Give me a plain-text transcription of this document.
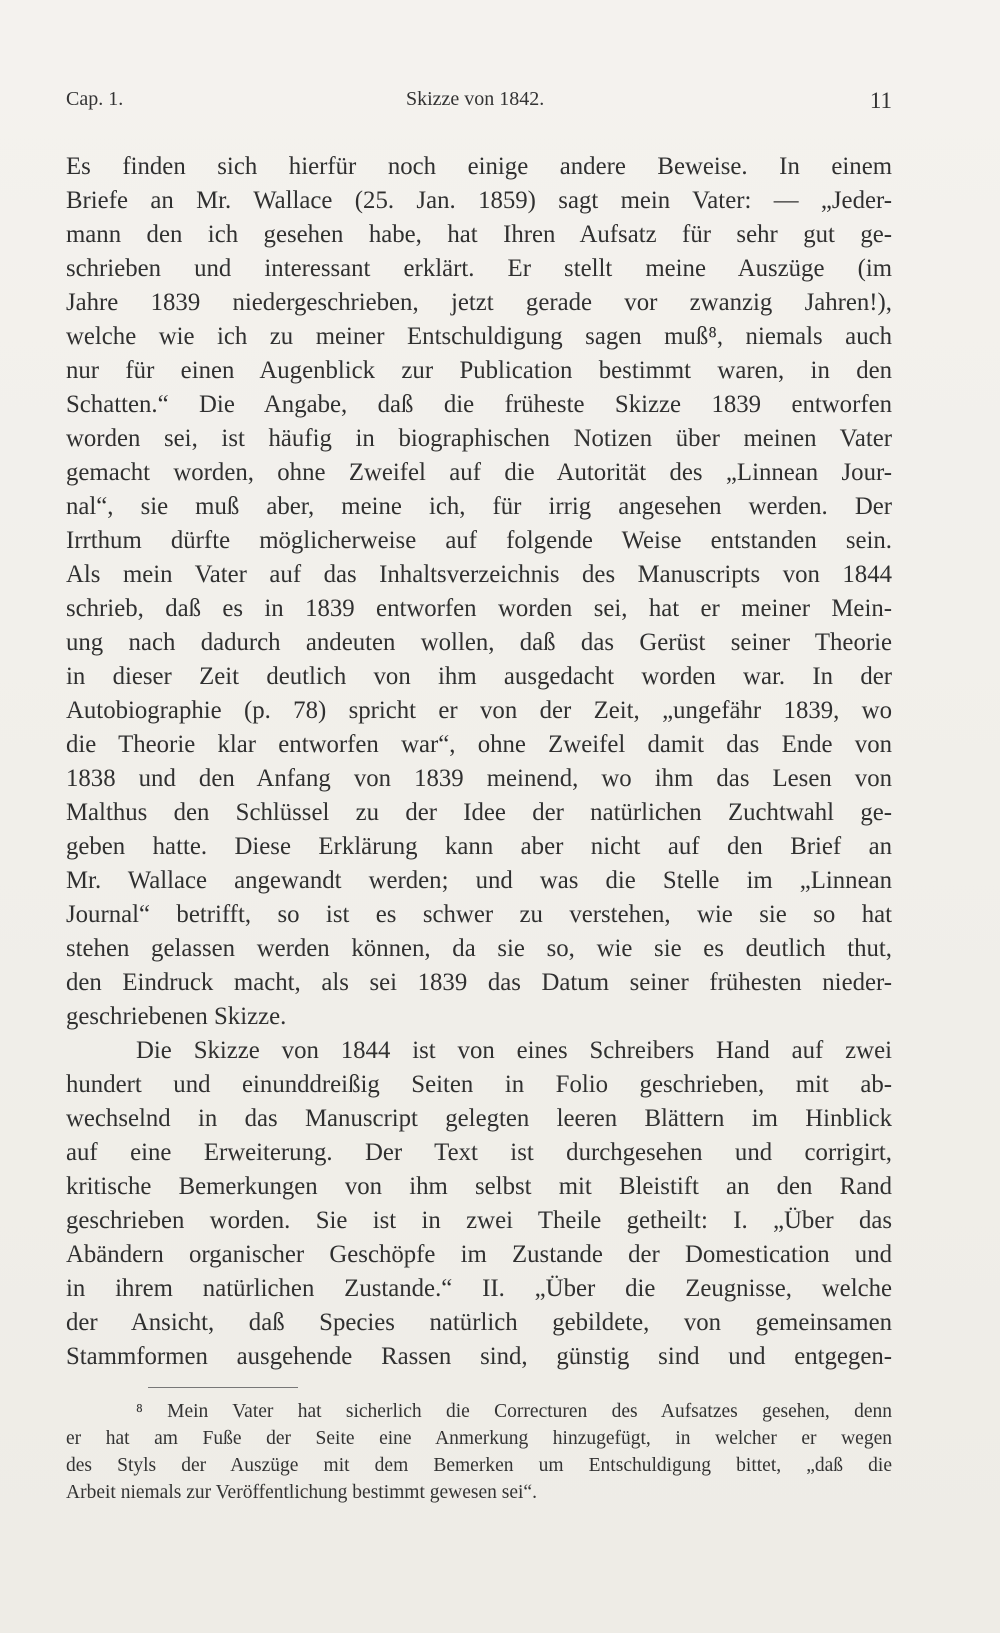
Cap. 1.	Skizze von 1842.	11
Es finden sich hierfür noch einige andere Beweise. In einem
Briefe an Mr. Wallace (25. Jan. 1859) sagt mein Vater: — „Jeder-
mann den ich gesehen habe, hat Ihren Aufsatz für sehr gut ge-
schrieben und interessant erklärt. Er stellt meine Auszüge (im
Jahre 1839 niedergeschrieben, jetzt gerade vor zwanzig Jahren!),
welche wie ich zu meiner Entschuldigung sagen muß⁸, niemals auch
nur für einen Augenblick zur Publication bestimmt waren, in den
Schatten.“ Die Angabe, daß die früheste Skizze 1839 entworfen
worden sei, ist häufig in biographischen Notizen über meinen Vater
gemacht worden, ohne Zweifel auf die Autorität des „Linnean Jour-
nal“, sie muß aber, meine ich, für irrig angesehen werden. Der
Irrthum dürfte möglicherweise auf folgende Weise entstanden sein.
Als mein Vater auf das Inhaltsverzeichnis des Manuscripts von 1844
schrieb, daß es in 1839 entworfen worden sei, hat er meiner Mein-
ung nach dadurch andeuten wollen, daß das Gerüst seiner Theorie
in dieser Zeit deutlich von ihm ausgedacht worden war. In der
Autobiographie (p. 78) spricht er von der Zeit, „ungefähr 1839, wo
die Theorie klar entworfen war“, ohne Zweifel damit das Ende von
1838 und den Anfang von 1839 meinend, wo ihm das Lesen von
Malthus den Schlüssel zu der Idee der natürlichen Zuchtwahl ge-
geben hatte. Diese Erklärung kann aber nicht auf den Brief an
Mr. Wallace angewandt werden; und was die Stelle im „Linnean
Journal“ betrifft, so ist es schwer zu verstehen, wie sie so hat
stehen gelassen werden können, da sie so, wie sie es deutlich thut,
den Eindruck macht, als sei 1839 das Datum seiner frühesten nieder-
geschriebenen Skizze.
Die Skizze von 1844 ist von eines Schreibers Hand auf zwei
hundert und einunddreißig Seiten in Folio geschrieben, mit ab-
wechselnd in das Manuscript gelegten leeren Blättern im Hinblick
auf eine Erweiterung. Der Text ist durchgesehen und corrigirt,
kritische Bemerkungen von ihm selbst mit Bleistift an den Rand
geschrieben worden. Sie ist in zwei Theile getheilt: I. „Über das
Abändern organischer Geschöpfe im Zustande der Domestication und
in ihrem natürlichen Zustande.“ II. „Über die Zeugnisse, welche
der Ansicht, daß Species natürlich gebildete, von gemeinsamen
Stammformen ausgehende Rassen sind, günstig sind und entgegen-
⁸ Mein Vater hat sicherlich die Correcturen des Aufsatzes gesehen, denn
er hat am Fuße der Seite eine Anmerkung hinzugefügt, in welcher er wegen
des Styls der Auszüge mit dem Bemerken um Entschuldigung bittet, „daß die
Arbeit niemals zur Veröffentlichung bestimmt gewesen sei“.
